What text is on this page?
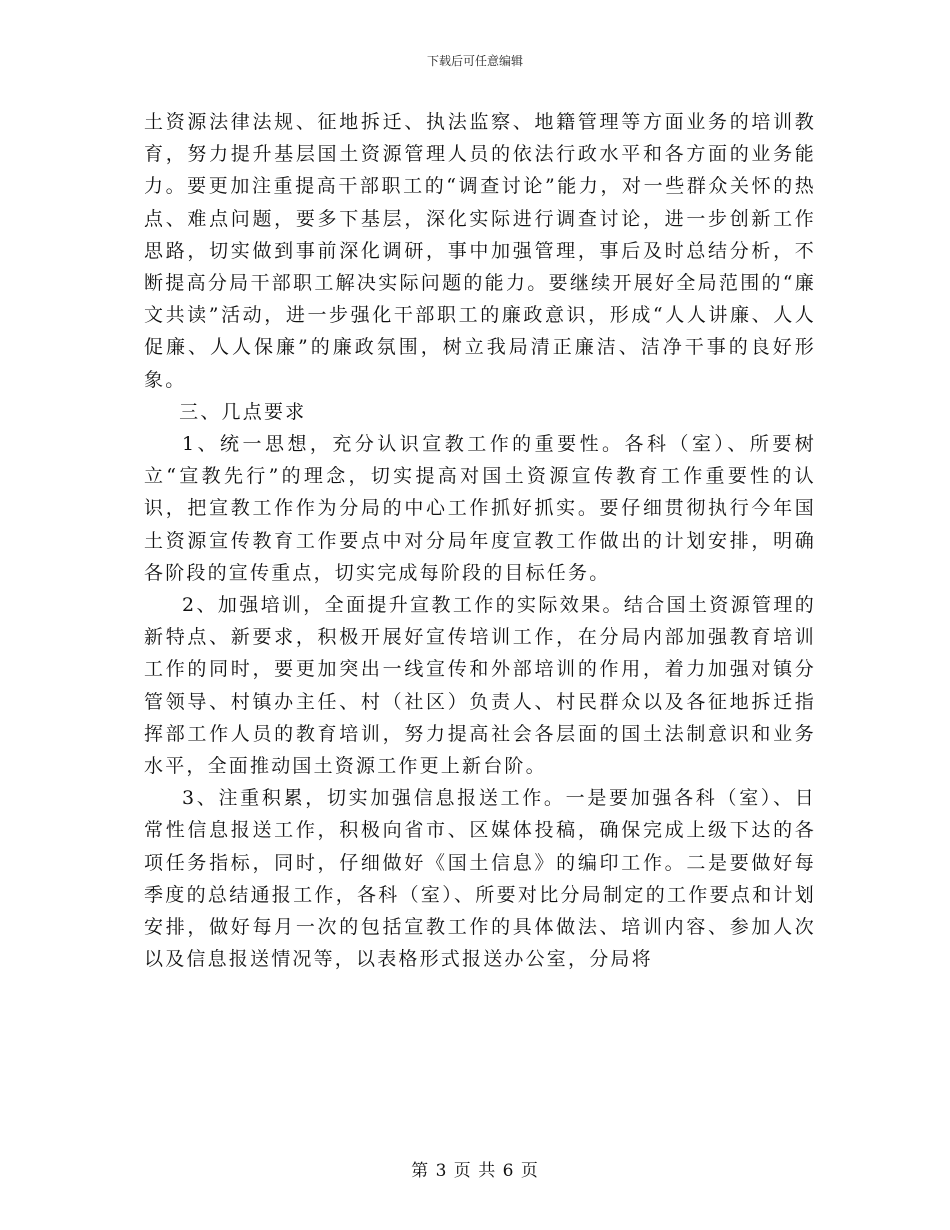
下载后可任意编辑

土资源法律法规、征地拆迁、执法监察、地籍管理等方面业务的培训教育，努力提升基层国土资源管理人员的依法行政水平和各方面的业务能力。要更加注重提高干部职工的“调查讨论”能力，对一些群众关怀的热点、难点问题，要多下基层，深化实际进行调查讨论，进一步创新工作思路，切实做到事前深化调研，事中加强管理，事后及时总结分析，不断提高分局干部职工解决实际问题的能力。要继续开展好全局范围的“廉文共读”活动，进一步强化干部职工的廉政意识，形成“人人讲廉、人人促廉、人人保廉”的廉政氛围，树立我局清正廉洁、洁净干事的良好形象。

三、几点要求

1、统一思想，充分认识宣教工作的重要性。各科（室）、所要树立“宣教先行”的理念，切实提高对国土资源宣传教育工作重要性的认识，把宣教工作作为分局的中心工作抓好抓实。要仔细贯彻执行今年国土资源宣传教育工作要点中对分局年度宣教工作做出的计划安排，明确各阶段的宣传重点，切实完成每阶段的目标任务。

2、加强培训，全面提升宣教工作的实际效果。结合国土资源管理的新特点、新要求，积极开展好宣传培训工作，在分局内部加强教育培训工作的同时，要更加突出一线宣传和外部培训的作用，着力加强对镇分管领导、村镇办主任、村（社区）负责人、村民群众以及各征地拆迁指挥部工作人员的教育培训，努力提高社会各层面的国土法制意识和业务水平，全面推动国土资源工作更上新台阶。

3、注重积累，切实加强信息报送工作。一是要加强各科（室）、日常性信息报送工作，积极向省市、区媒体投稿，确保完成上级下达的各项任务指标，同时，仔细做好《国土信息》的编印工作。二是要做好每季度的总结通报工作，各科（室）、所要对比分局制定的工作要点和计划安排，做好每月一次的包括宣教工作的具体做法、培训内容、参加人次以及信息报送情况等，以表格形式报送办公室，分局将

第 3 页 共 6 页
